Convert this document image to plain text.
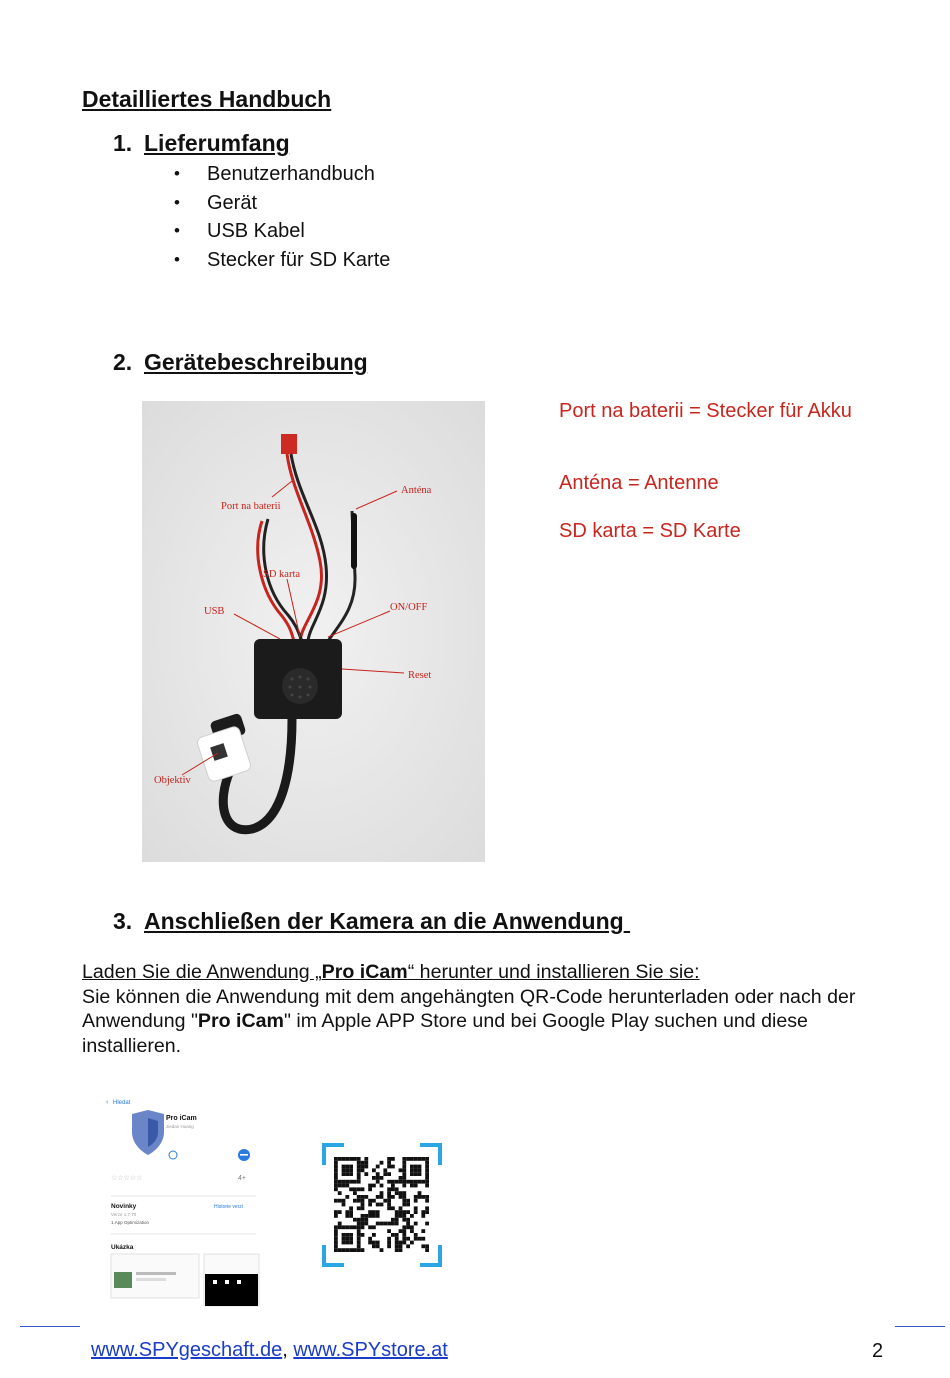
Detailliertes Handbuch
1. Lieferumfang
• Benutzerhandbuch
• Gerät
• USB Kabel
• Stecker für SD Karte
2. Gerätebeschreibung
Port na baterii
Anténa
SD karta
USB	ON/OFF
Reset
Objektiv
Port na baterii = Stecker für Akku
Anténa = Antenne
SD karta = SD Karte
3. Anschließen der Kamera an die Anwendung
Laden Sie die Anwendung „Pro iCam“ herunter und installieren Sie sie:
Sie können die Anwendung mit dem angehängten QR-Code herunterladen oder nach der Anwendung "Pro iCam" im Apple APP Store und bei Google Play suchen und diese installieren.
‹ Hledat
Pro iCam
Jiedan Huang
☆☆☆☆☆	4+
Novinky	Historie verzí
Verze 1.7.70
1.App Optimization
Ukázka
www.SPYgeschaft.de, www.SPYstore.at	2
